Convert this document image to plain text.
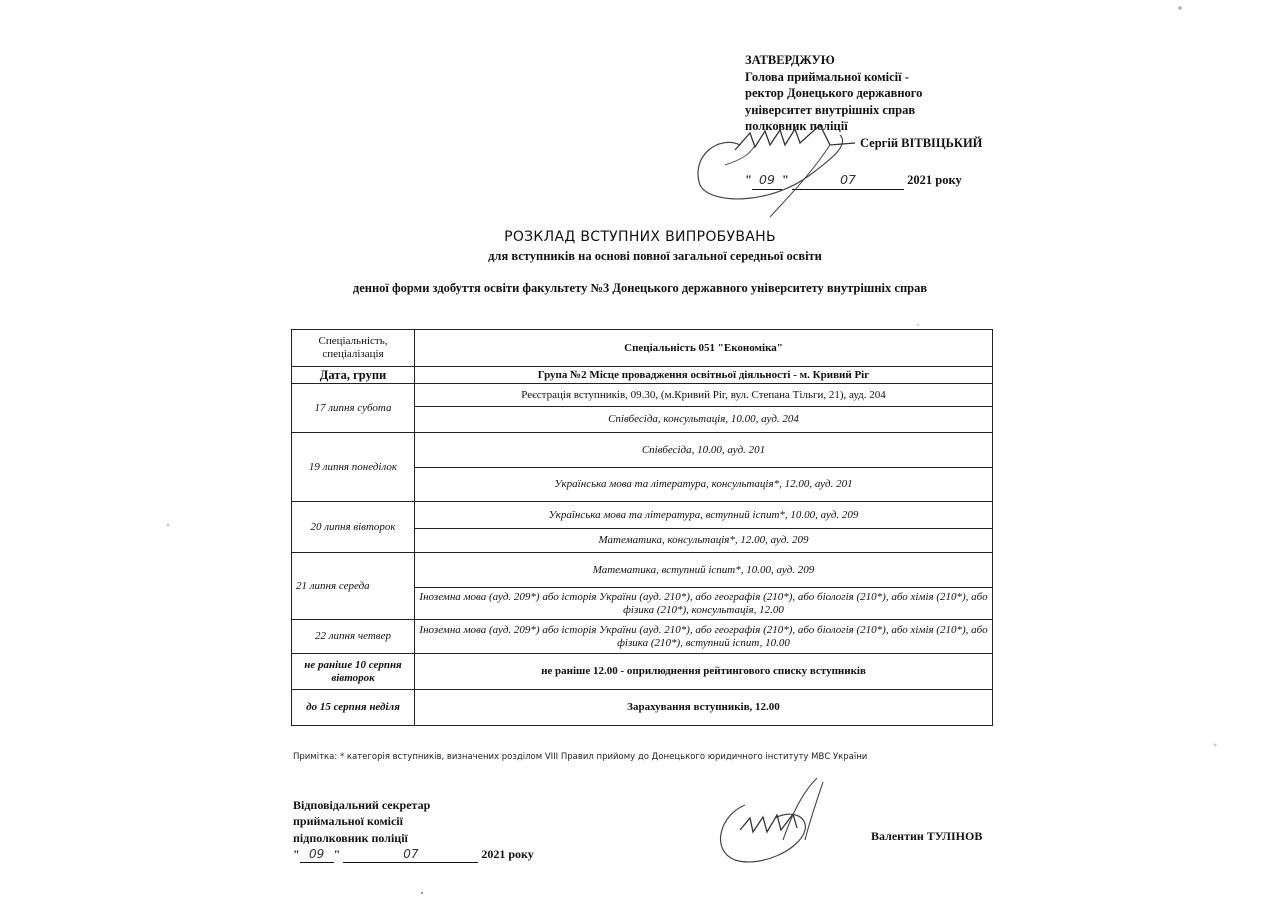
ЗАТВЕРДЖУЮ
Голова приймальної комісії -
ректор Донецького державного
університет внутрішніх справ
полковник поліції
Сергій ВІТВІЦЬКИЙ
" 09 "	07	2021 року
РОЗКЛАД ВСТУПНИХ ВИПРОБУВАНЬ
для вступників на основі повної загальної середньої освіти
денної форми здобуття освіти факультету №3 Донецького державного університету внутрішніх справ
Спеціальність, спеціалізація	Спеціальність 051 "Економіка"
Дата, групи	Група №2 Місце провадження освітньої діяльності - м. Кривий Ріг
17 липня субота	Реєстрація вступників, 09.30, (м.Кривий Ріг, вул. Степана Тільги, 21), ауд. 204
	Співбесіда, консультація, 10.00, ауд. 204
19 липня понеділок	Співбесіда, 10.00, ауд. 201
	Українська мова та література, консультація*, 12.00, ауд. 201
20 липня вівторок	Українська мова та література, вступний іспит*, 10.00, ауд. 209
	Математика, консультація*, 12.00, ауд. 209
21 липня середа	Математика, вступний іспит*, 10.00, ауд. 209
	Іноземна мова (ауд. 209*) або історія України (ауд. 210*), або географія (210*), або біологія (210*), або хімія (210*), або фізика (210*), консультація, 12.00
22 липня четвер	Іноземна мова (ауд. 209*) або історія України (ауд. 210*), або географія (210*), або біологія (210*), або хімія (210*), або фізика (210*), вступний іспит, 10.00
не раніше 10 серпня вівторок	не раніше 12.00 - оприлюднення рейтингового списку вступників
до 15 серпня неділя	Зарахування вступників, 12.00
Примітка: * категорія вступників, визначених розділом VIII Правил прийому до Донецького юридичного інституту МВС України
Відповідальний секретар
приймальної комісії
підполковник поліції
" 09 "	07	2021 року
Валентин ТУЛІНОВ
